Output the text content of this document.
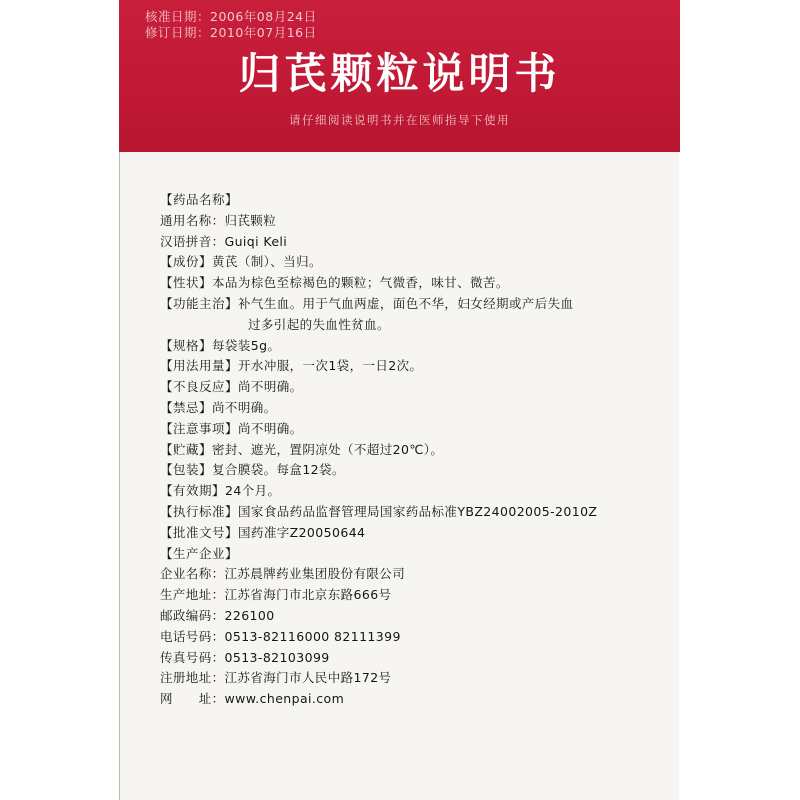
核准日期：2006年08月24日
修订日期：2010年07月16日
归芪颗粒说明书
请仔细阅读说明书并在医师指导下使用
【药品名称】
通用名称：归芪颗粒
汉语拼音：Guiqi Keli
【成份】黄芪（制）、当归。
【性状】本品为棕色至棕褐色的颗粒；气微香，味甘、微苦。
【功能主治】补气生血。用于气血两虚，面色不华，妇女经期或产后失血
过多引起的失血性贫血。
【规格】每袋装5g。
【用法用量】开水冲服，一次1袋，一日2次。
【不良反应】尚不明确。
【禁忌】尚不明确。
【注意事项】尚不明确。
【贮藏】密封、遮光，置阴凉处（不超过20℃）。
【包装】复合膜袋。每盒12袋。
【有效期】24个月。
【执行标准】国家食品药品监督管理局国家药品标准YBZ24002005-2010Z
【批准文号】国药准字Z20050644
【生产企业】
企业名称：江苏晨牌药业集团股份有限公司
生产地址：江苏省海门市北京东路666号
邮政编码：226100
电话号码：0513-82116000 82111399
传真号码：0513-82103099
注册地址：江苏省海门市人民中路172号
网　　址：www.chenpai.com
